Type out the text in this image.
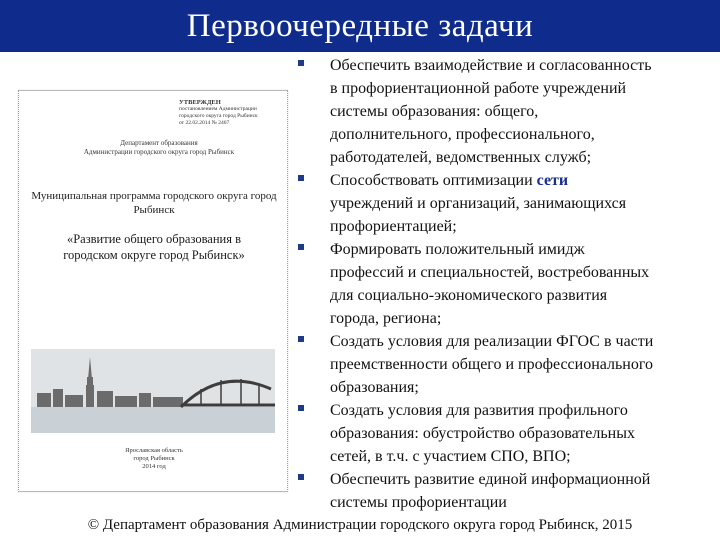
Первоочередные задачи
УТВЕРЖДЕН
постановлением Администрации
городского округа город Рыбинск
от 22.02.2014 № 2467
Департамент образования
Администрации городского округа город Рыбинск
Муниципальная программа городского округа город
Рыбинск
«Развитие общего образования в
городском округе город Рыбинск»
Ярославская область
город Рыбинск
2014 год
Обеспечить взаимодействие и согласованность
в профориентационной работе учреждений
системы образования: общего,
дополнительного, профессионального,
работодателей, ведомственных служб;
Способствовать оптимизации сети
учреждений и организаций, занимающихся
профориентацией;
Формировать положительный имидж
профессий и специальностей, востребованных
для социально-экономического развития
города, региона;
Создать условия для реализации ФГОС в части
преемственности общего и профессионального
образования;
Создать условия для развития профильного
образования: обустройство образовательных
сетей, в т.ч. с участием СПО, ВПО;
Обеспечить развитие единой информационной
системы профориентации
© Департамент образования Администрации городского округа город Рыбинск, 2015
